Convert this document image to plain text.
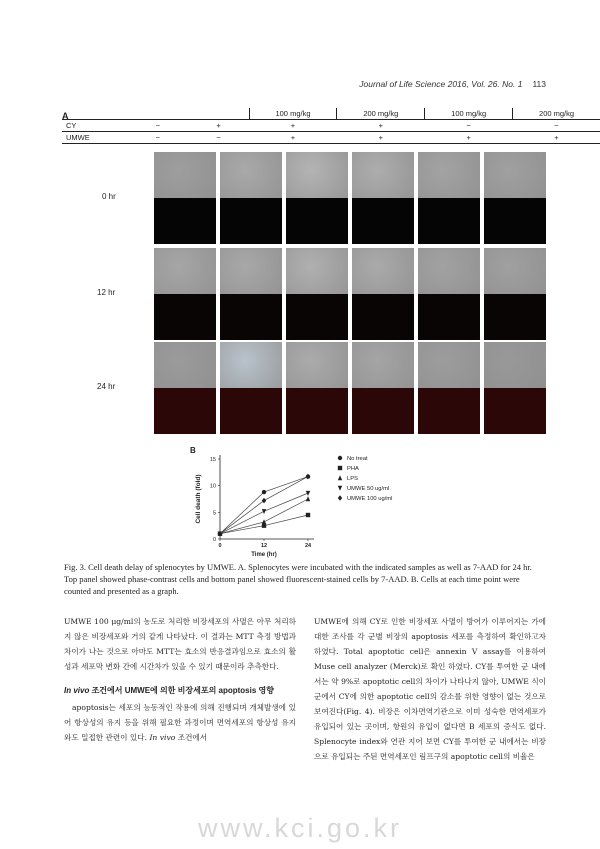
Journal of Life Science 2016, Vol. 26. No. 1 113
A
				100 mg/kg	200 mg/kg	100 mg/kg	200 mg/kg
CY	−	+	+	+	−	−
UMWE	−	−	+	+	+	+
0 hr
12 hr
24 hr
B
0
5
10
15
0	12	24
Time (hr)
Cell death (fold)
No treat
PHA
LPS
UMWE 50 ug/ml
UMWE 100 ug/ml
Fig. 3. Cell death delay of splenocytes by UMWE. A. Splenocytes were incubated with the indicated samples as well as 7-AAD for 24 hr. Top panel showed phase-contrast cells and bottom panel showed fluorescent-stained cells by 7-AAD. B. Cells at each time point were counted and presented as a graph.

UMWE 100 μg/ml의 농도로 처리한 비장세포의 사멸은 아무 처리하지 않은 비장세포와 거의 같게 나타났다. 이 결과는 MTT 측정 방법과 차이가 나는 것으로 아마도 MTT는 효소의 반응결과임으로 효소의 활성과 세포막 변화 간에 시간차가 있을 수 있기 때문이라 추측한다.

In vivo 조건에서 UMWE에 의한 비장세포의 apoptosis 영향

apoptosis는 세포의 능동적인 작용에 의해 진행되며 개체발생에 있어 항상성의 유지 등을 위해 필요한 과정이며 면역세포의 항상성 유지와도 밀접한 관련이 있다. In vivo 조건에서

UMWE에 의해 CY로 인한 비장세포 사멸이 방어가 이루어지는 가에 대한 조사를 각 군별 비장의 apoptosis 세포를 측정하여 확인하고자 하였다. Total apoptotic cell은 annexin V assay를 이용하여 Muse cell analyzer (Merck)로 확인 하였다. CY를 투여한 군 내에서는 약 9%로 apoptotic cell의 차이가 나타나지 않아, UMWE 식이군에서 CY에 의한 apoptotic cell의 감소를 위한 영향이 없는 것으로 보여진다(Fig. 4). 비장은 이차면역기관으로 이미 성숙한 면역세포가 유입되어 있는 곳이며, 항원의 유입이 없다면 B 세포의 증식도 없다. Splenocyte index와 연관 지어 보면 CY를 투여한 군 내에서는 비장으로 유입되는 주된 면역세포인 림프구의 apoptotic cell의 비율은

www.kci.go.kr
